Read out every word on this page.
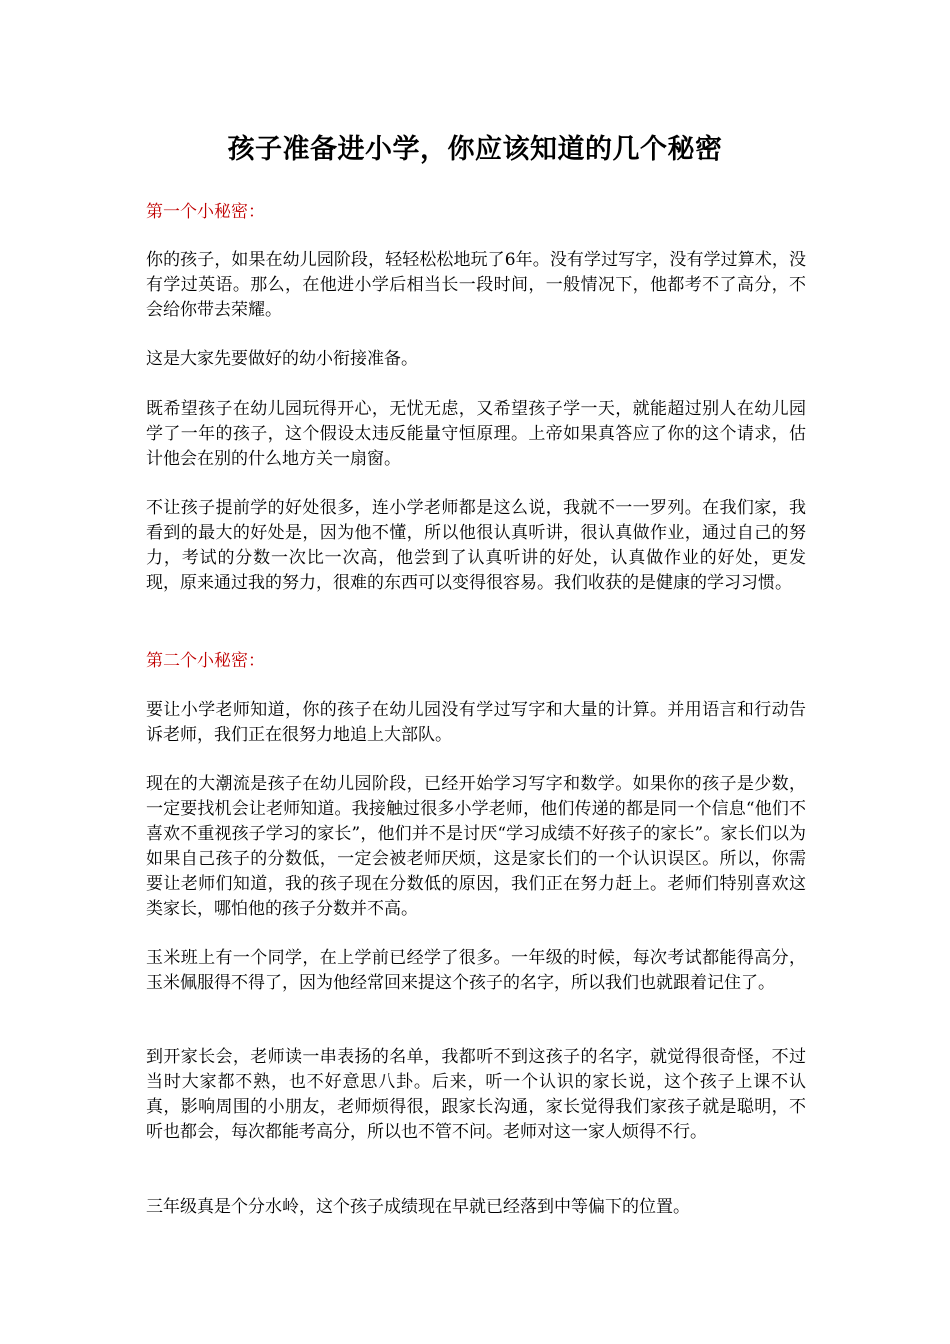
孩子准备进小学，你应该知道的几个秘密

第一个小秘密：

你的孩子，如果在幼儿园阶段，轻轻松松地玩了6年。没有学过写字，没有学过算术，没有学过英语。那么，在他进小学后相当长一段时间，一般情况下，他都考不了高分，不会给你带去荣耀。

这是大家先要做好的幼小衔接准备。

既希望孩子在幼儿园玩得开心，无忧无虑，又希望孩子学一天，就能超过别人在幼儿园学了一年的孩子，这个假设太违反能量守恒原理。上帝如果真答应了你的这个请求，估计他会在别的什么地方关一扇窗。

不让孩子提前学的好处很多，连小学老师都是这么说，我就不一一罗列。在我们家，我看到的最大的好处是，因为他不懂，所以他很认真听讲，很认真做作业，通过自己的努力，考试的分数一次比一次高，他尝到了认真听讲的好处，认真做作业的好处，更发现，原来通过我的努力，很难的东西可以变得很容易。我们收获的是健康的学习习惯。

第二个小秘密：

要让小学老师知道，你的孩子在幼儿园没有学过写字和大量的计算。并用语言和行动告诉老师，我们正在很努力地追上大部队。

现在的大潮流是孩子在幼儿园阶段，已经开始学习写字和数学。如果你的孩子是少数，一定要找机会让老师知道。我接触过很多小学老师，他们传递的都是同一个信息“他们不喜欢不重视孩子学习的家长”，他们并不是讨厌“学习成绩不好孩子的家长”。家长们以为如果自己孩子的分数低，一定会被老师厌烦，这是家长们的一个认识误区。所以，你需要让老师们知道，我的孩子现在分数低的原因，我们正在努力赶上。老师们特别喜欢这类家长，哪怕他的孩子分数并不高。

玉米班上有一个同学，在上学前已经学了很多。一年级的时候，每次考试都能得高分，玉米佩服得不得了，因为他经常回来提这个孩子的名字，所以我们也就跟着记住了。

到开家长会，老师读一串表扬的名单，我都听不到这孩子的名字，就觉得很奇怪，不过当时大家都不熟，也不好意思八卦。后来，听一个认识的家长说，这个孩子上课不认真，影响周围的小朋友，老师烦得很，跟家长沟通，家长觉得我们家孩子就是聪明，不听也都会，每次都能考高分，所以也不管不问。老师对这一家人烦得不行。

三年级真是个分水岭，这个孩子成绩现在早就已经落到中等偏下的位置。
